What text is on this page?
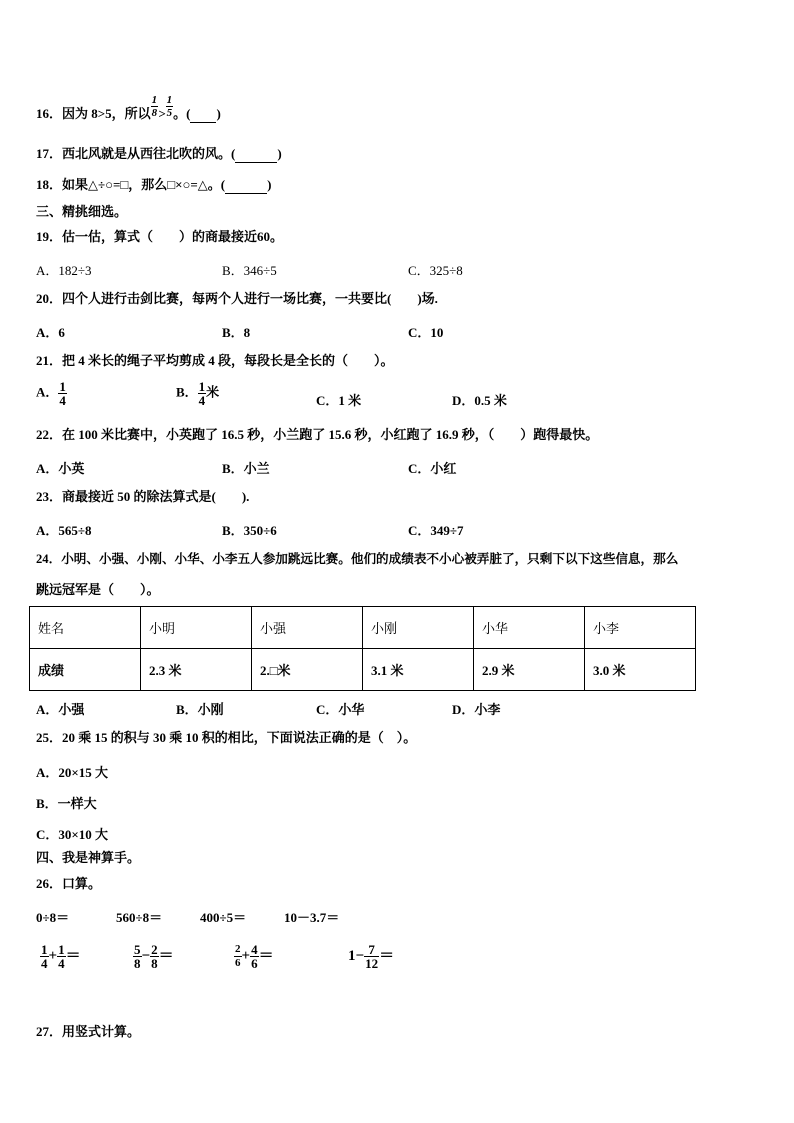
16．因为 8>5，所以 $\frac{1}{8} > \frac{1}{5}$ 。( )
17．西北风就是从西往北吹的风。(	)
18．如果△÷○=□，那么□×○=△。(	)
三、精挑细选。
19．估一估，算式（　　）的商最接近60。
A．182÷3	B．346÷5	C．325÷8
20．四个人进行击剑比赛，每两个人进行一场比赛，一共要比(　　)场.
A．6	B．8	C．10
21．把 4 米长的绳子平均剪成 4 段，每段长是全长的（　　）。
A． $\frac{1}{4}$	B． $\frac{1}{4}$ 米
C．1 米	D．0.5 米
22．在 100 米比赛中，小英跑了 16.5 秒，小兰跑了 15.6 秒，小红跑了 16.9 秒，（　　）跑得最快。
A．小英	B．小兰	C．小红
23．商最接近 50 的除法算式是(　　).
A．565÷8	B．350÷6	C．349÷7
24．小明、小强、小刚、小华、小李五人参加跳远比赛。他们的成绩表不小心被弄脏了，只剩下以下这些信息，那么
跳远冠军是（　　）。
姓名	小明	小强	小刚	小华	小李
成绩	2.3 米	2.□米	3.1 米	2.9 米	3.0 米
A．小强	B．小刚	C．小华	D．小李
25．20 乘 15 的积与 30 乘 10 积的相比，下面说法正确的是（　）。
A．20×15 大
B．一样大
C．30×10 大
四、我是神算手。
26．口算。
0÷8＝	560÷8＝	400÷5＝	10－3.7＝
$\frac{1}{4} + \frac{1}{4}$ ＝	$\frac{5}{8} - \frac{2}{8}$ ＝	$\frac{2}{6} + \frac{4}{6}$ ＝	$1- \frac{7}{12}$ ＝
27．用竖式计算。
